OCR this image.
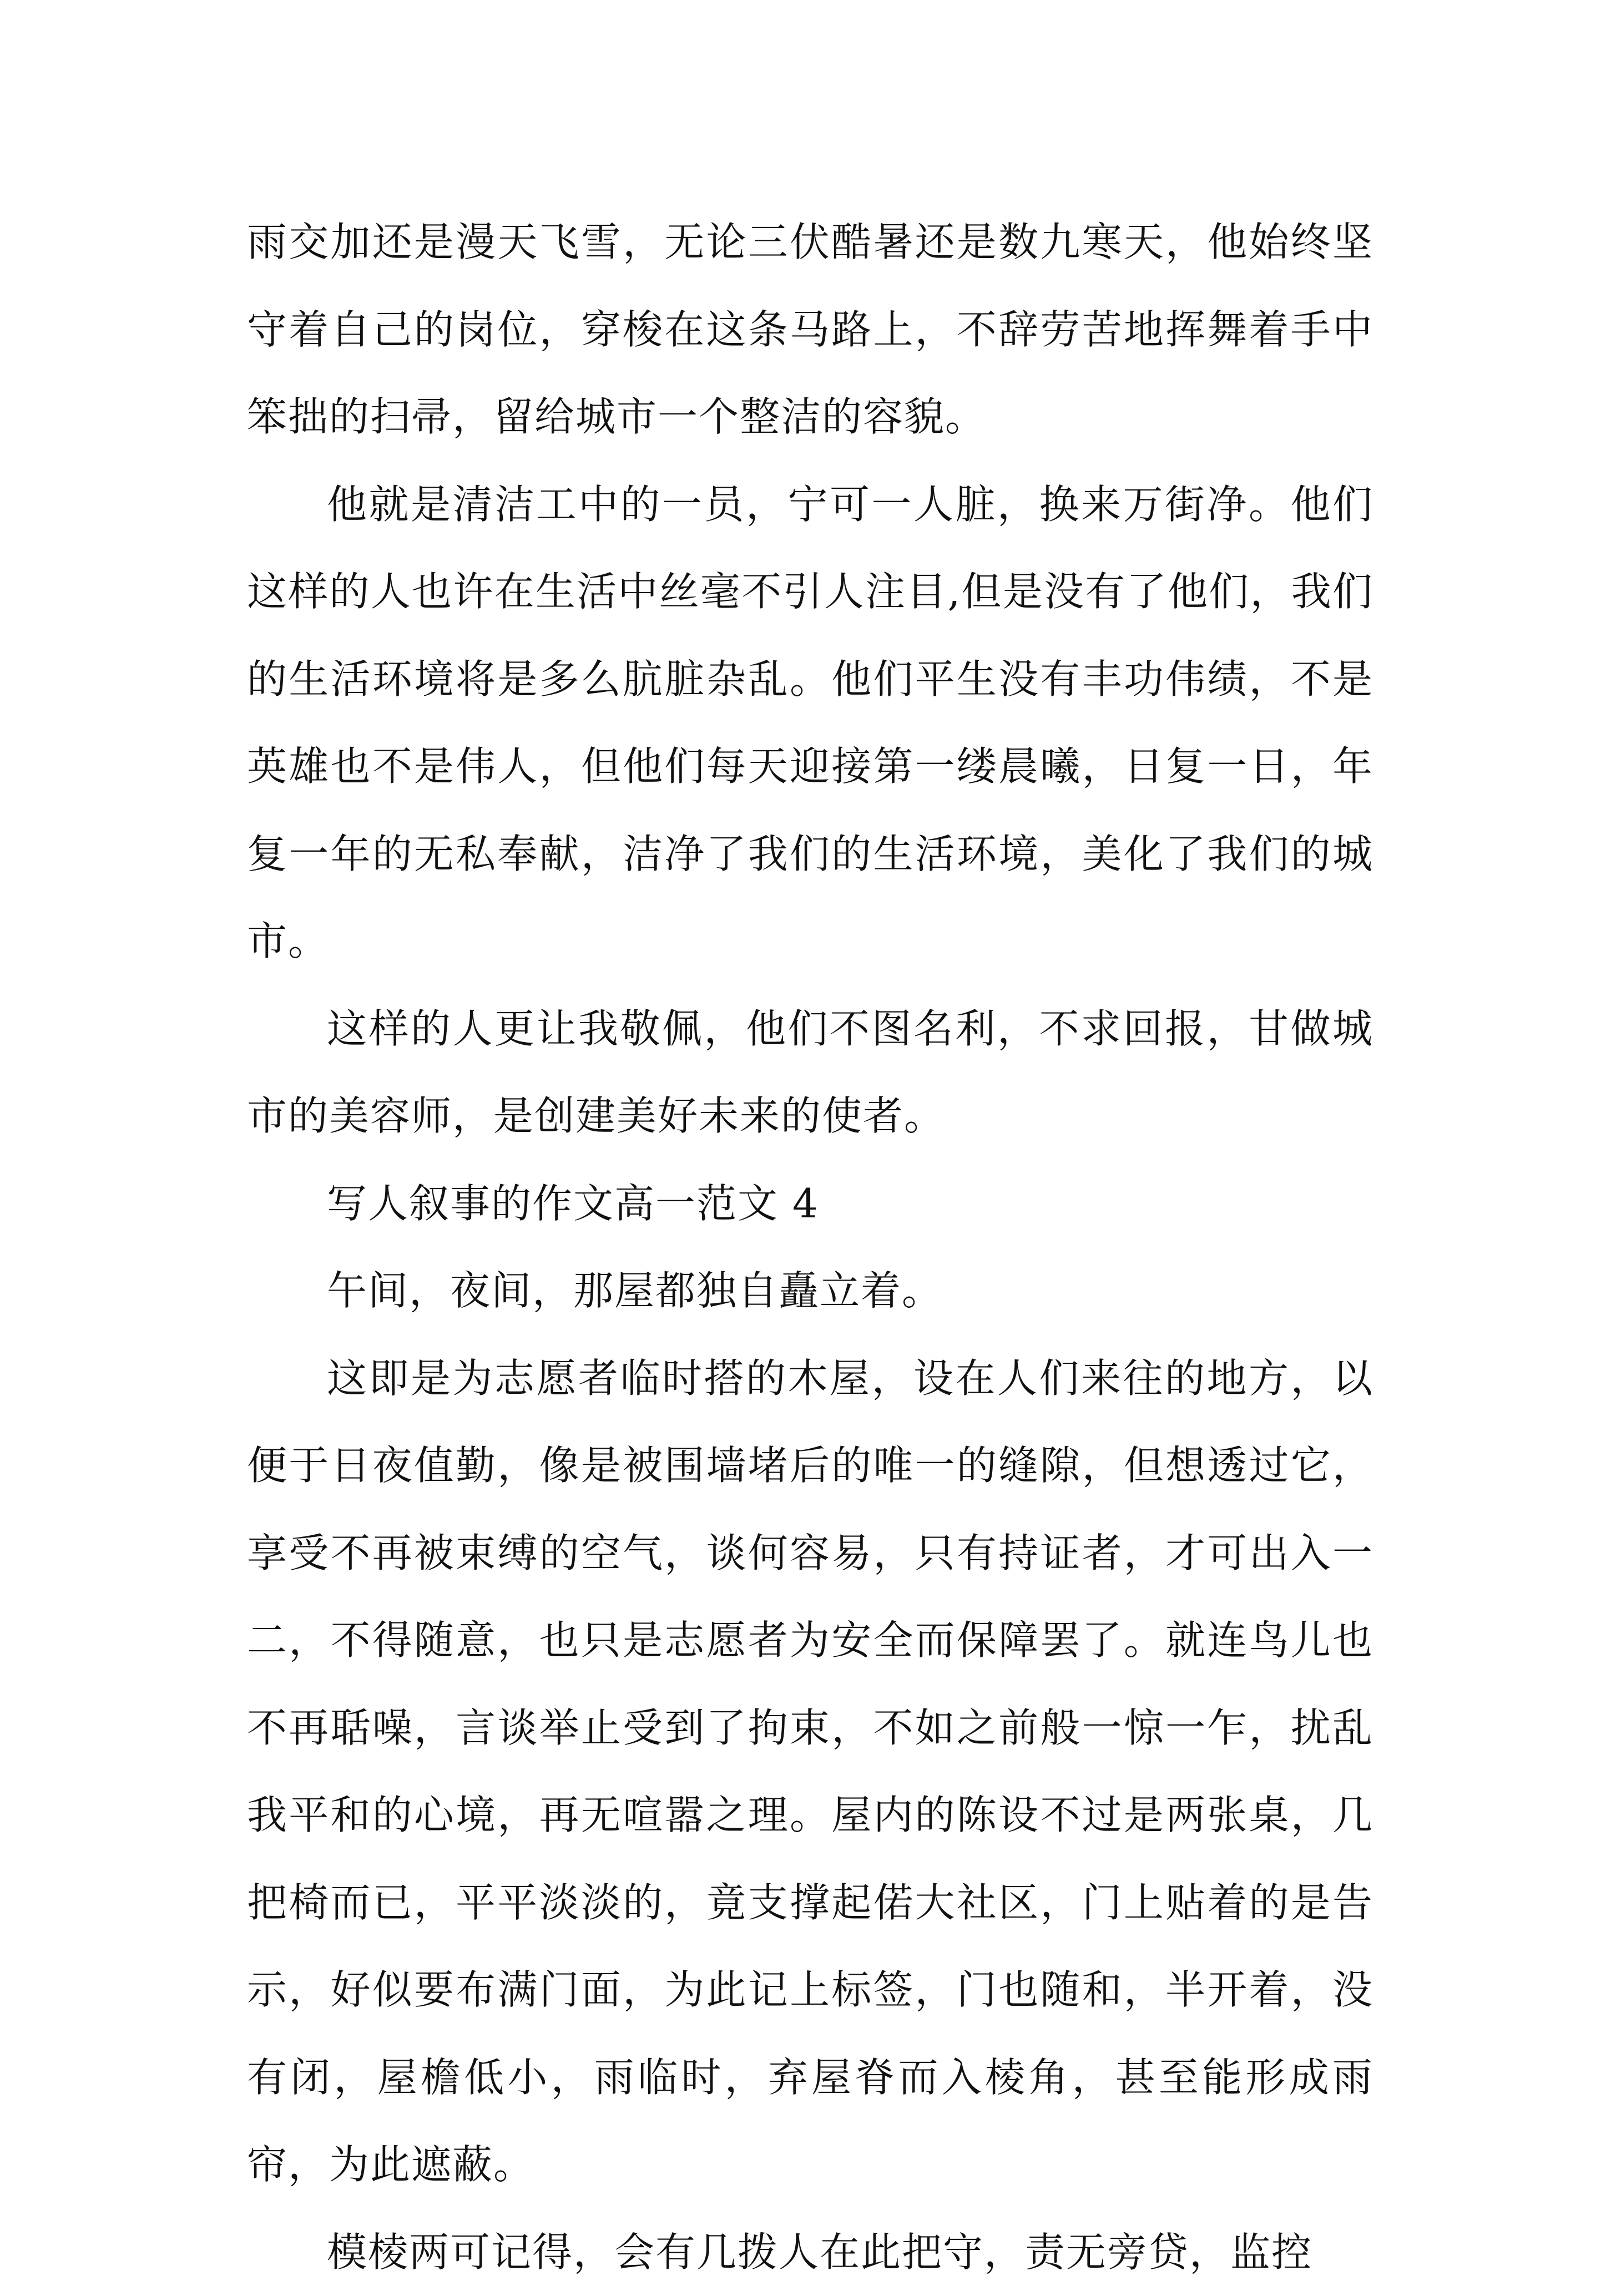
雨交加还是漫天飞雪，无论三伏酷暑还是数九寒天，他始终坚守着自己的岗位，穿梭在这条马路上，不辞劳苦地挥舞着手中笨拙的扫帚，留给城市一个整洁的容貌。

他就是清洁工中的一员，宁可一人脏，换来万街净。他们这样的人也许在生活中丝毫不引人注目,但是没有了他们，我们的生活环境将是多么肮脏杂乱。他们平生没有丰功伟绩，不是英雄也不是伟人，但他们每天迎接第一缕晨曦，日复一日，年复一年的无私奉献，洁净了我们的生活环境，美化了我们的城市。

这样的人更让我敬佩，他们不图名利，不求回报，甘做城市的美容师，是创建美好未来的使者。

写人叙事的作文高一范文 4

午间，夜间，那屋都独自矗立着。

这即是为志愿者临时搭的木屋，设在人们来往的地方，以便于日夜值勤，像是被围墙堵后的唯一的缝隙，但想透过它，享受不再被束缚的空气，谈何容易，只有持证者，才可出入一二，不得随意，也只是志愿者为安全而保障罢了。就连鸟儿也不再聒噪，言谈举止受到了拘束，不如之前般一惊一乍，扰乱我平和的心境，再无喧嚣之理。屋内的陈设不过是两张桌，几把椅而已，平平淡淡的，竟支撑起偌大社区，门上贴着的是告示，好似要布满门面，为此记上标签，门也随和，半开着，没有闭，屋檐低小，雨临时，弃屋脊而入棱角，甚至能形成雨帘，为此遮蔽。

模棱两可记得，会有几拨人在此把守，责无旁贷，监控
